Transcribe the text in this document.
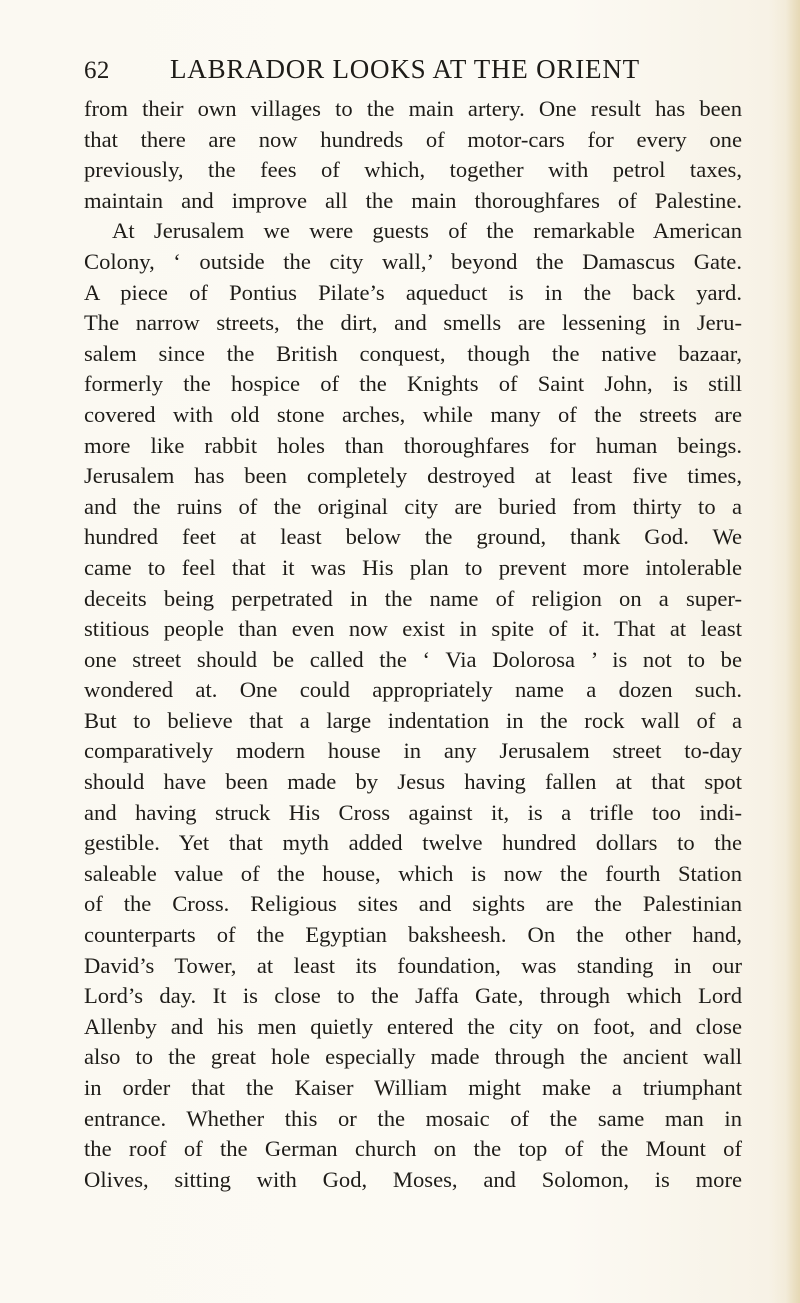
62	LABRADOR LOOKS AT THE ORIENT
from their own villages to the main artery. One result has been
that there are now hundreds of motor-cars for every one
previously, the fees of which, together with petrol taxes,
maintain and improve all the main thoroughfares of Palestine.
At Jerusalem we were guests of the remarkable American
Colony, ‘ outside the city wall,’ beyond the Damascus Gate.
A piece of Pontius Pilate’s aqueduct is in the back yard.
The narrow streets, the dirt, and smells are lessening in Jeru-
salem since the British conquest, though the native bazaar,
formerly the hospice of the Knights of Saint John, is still
covered with old stone arches, while many of the streets are
more like rabbit holes than thoroughfares for human beings.
Jerusalem has been completely destroyed at least five times,
and the ruins of the original city are buried from thirty to a
hundred feet at least below the ground, thank God. We
came to feel that it was His plan to prevent more intolerable
deceits being perpetrated in the name of religion on a super-
stitious people than even now exist in spite of it. That at least
one street should be called the ‘ Via Dolorosa ’ is not to be
wondered at. One could appropriately name a dozen such.
But to believe that a large indentation in the rock wall of a
comparatively modern house in any Jerusalem street to-day
should have been made by Jesus having fallen at that spot
and having struck His Cross against it, is a trifle too indi-
gestible. Yet that myth added twelve hundred dollars to the
saleable value of the house, which is now the fourth Station
of the Cross. Religious sites and sights are the Palestinian
counterparts of the Egyptian baksheesh. On the other hand,
David’s Tower, at least its foundation, was standing in our
Lord’s day. It is close to the Jaffa Gate, through which Lord
Allenby and his men quietly entered the city on foot, and close
also to the great hole especially made through the ancient wall
in order that the Kaiser William might make a triumphant
entrance. Whether this or the mosaic of the same man in
the roof of the German church on the top of the Mount of
Olives, sitting with God, Moses, and Solomon, is more
